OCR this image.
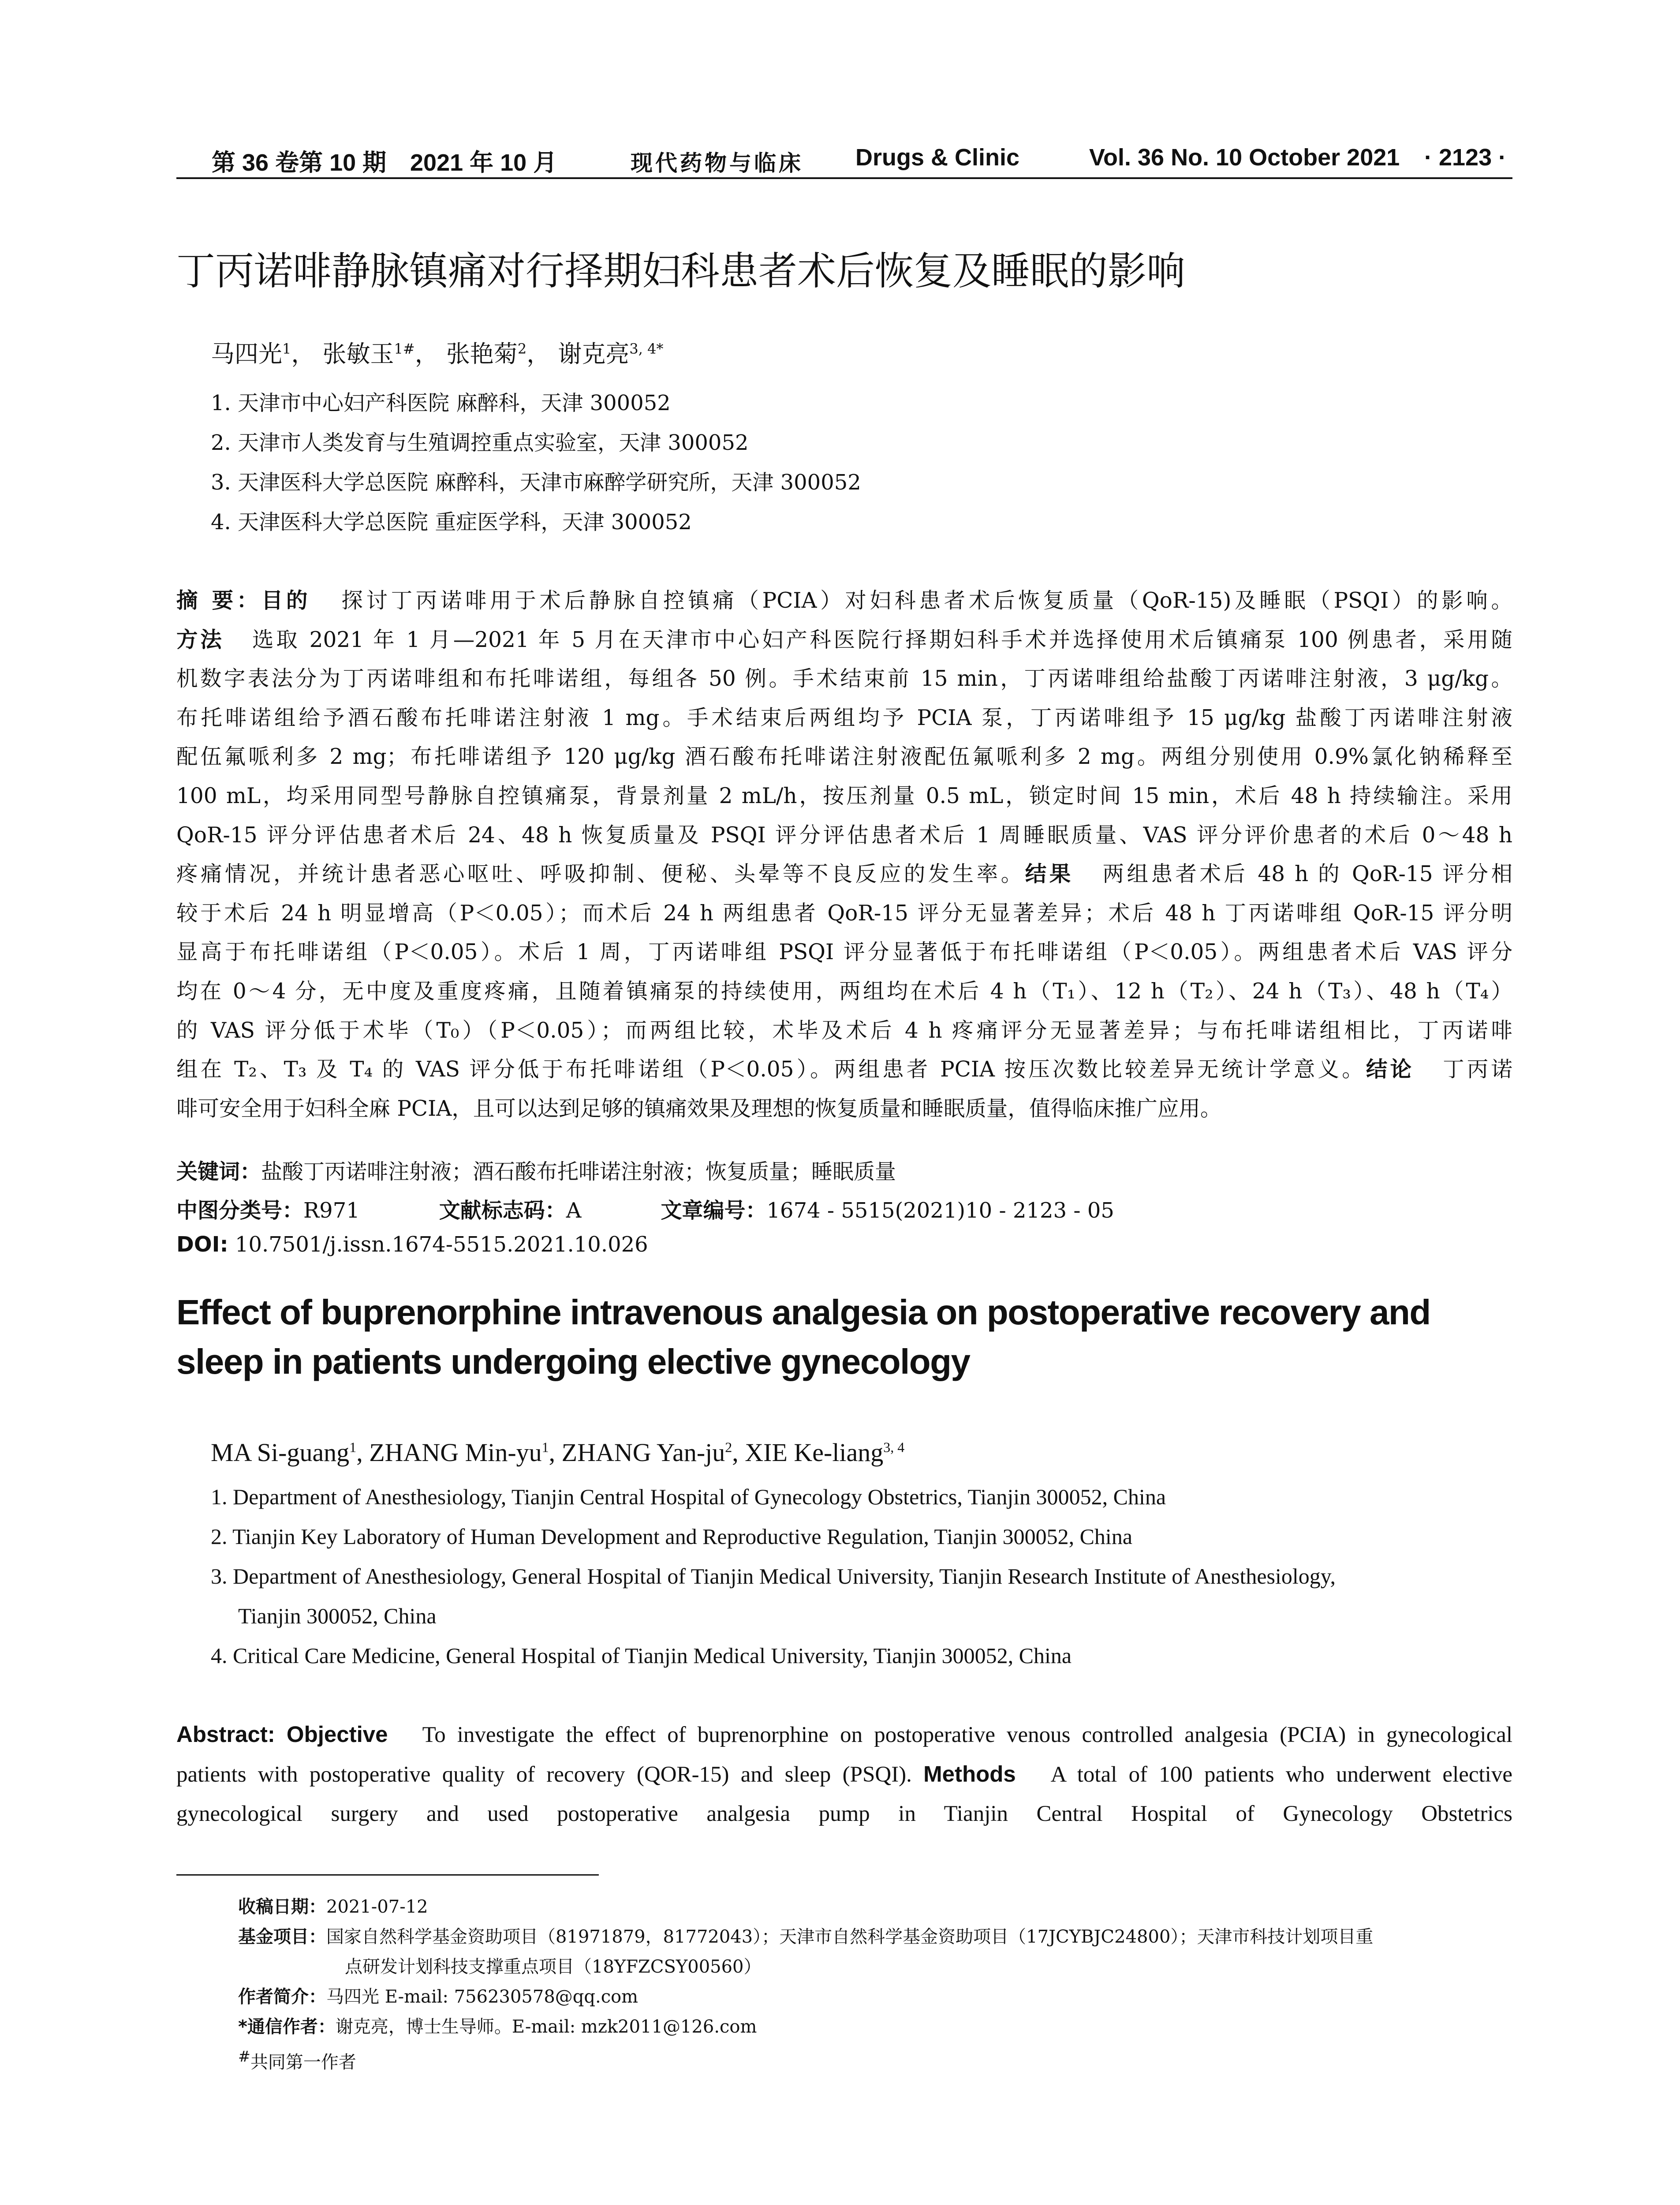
第 36 卷第 10 期 2021 年 10 月	现代药物与临床 Drugs & Clinic	Vol. 36 No. 10 October 2021 · 2123 ·
丁丙诺啡静脉镇痛对行择期妇科患者术后恢复及睡眠的影响
马四光$^1$， 张敏玉$^{1\#}$， 张艳菊$^2$， 谢克亮$^{3, 4*}$
1. 天津市中心妇产科医院 麻醉科，天津 300052
2. 天津市人类发育与生殖调控重点实验室，天津 300052
3. 天津医科大学总医院 麻醉科，天津市麻醉学研究所，天津 300052
4. 天津医科大学总医院 重症医学科，天津 300052
摘 要：目的 探讨丁丙诺啡用于术后静脉自控镇痛（PCIA）对妇科患者术后恢复质量（QoR-15)及睡眠（PSQI）的影响。
方法 选取 2021 年 1 月—2021 年 5 月在天津市中心妇产科医院行择期妇科手术并选择使用术后镇痛泵 100 例患者，采用随
机数字表法分为丁丙诺啡组和布托啡诺组，每组各 50 例。手术结束前 15 min，丁丙诺啡组给盐酸丁丙诺啡注射液，3 μg/kg。
布托啡诺组给予酒石酸布托啡诺注射液 1 mg。手术结束后两组均予 PCIA 泵，丁丙诺啡组予 15 μg/kg 盐酸丁丙诺啡注射液
配伍氟哌利多 2 mg；布托啡诺组予 120 μg/kg 酒石酸布托啡诺注射液配伍氟哌利多 2 mg。两组分别使用 0.9%氯化钠稀释至
100 mL，均采用同型号静脉自控镇痛泵，背景剂量 2 mL/h，按压剂量 0.5 mL，锁定时间 15 min，术后 48 h 持续输注。采用
QoR-15 评分评估患者术后 24、48 h 恢复质量及 PSQI 评分评估患者术后 1 周睡眠质量、VAS 评分评价患者的术后 0～48 h
疼痛情况，并统计患者恶心呕吐、呼吸抑制、便秘、头晕等不良反应的发生率。结果 两组患者术后 48 h 的 QoR-15 评分相
较于术后 24 h 明显增高（P＜0.05）；而术后 24 h 两组患者 QoR-15 评分无显著差异；术后 48 h 丁丙诺啡组 QoR-15 评分明
显高于布托啡诺组（P＜0.05）。术后 1 周，丁丙诺啡组 PSQI 评分显著低于布托啡诺组（P＜0.05）。两组患者术后 VAS 评分
均在 0～4 分，无中度及重度疼痛，且随着镇痛泵的持续使用，两组均在术后 4 h（T₁）、12 h（T₂）、24 h（T₃）、48 h（T₄）
的 VAS 评分低于术毕（T₀）（P＜0.05）；而两组比较，术毕及术后 4 h 疼痛评分无显著差异；与布托啡诺组相比，丁丙诺啡
组在 T₂、T₃ 及 T₄ 的 VAS 评分低于布托啡诺组（P＜0.05）。两组患者 PCIA 按压次数比较差异无统计学意义。结论 丁丙诺
啡可安全用于妇科全麻 PCIA，且可以达到足够的镇痛效果及理想的恢复质量和睡眠质量，值得临床推广应用。
关键词：盐酸丁丙诺啡注射液；酒石酸布托啡诺注射液；恢复质量；睡眠质量
中图分类号：R971	文献标志码：A	文章编号：1674 - 5515(2021)10 - 2123 - 05
DOI: 10.7501/j.issn.1674-5515.2021.10.026
Effect of buprenorphine intravenous analgesia on postoperative recovery and
sleep in patients undergoing elective gynecology
MA Si-guang$^1$, ZHANG Min-$yu^1$, ZHANG Yan-$ju^2$, XIE Ke-liang$^{3, 4}$
1. Department of Anesthesiology, Tianjin Central Hospital of Gynecology Obstetrics, Tianjin 300052, China
2. Tianjin Key Laboratory of Human Development and Reproductive Regulation, Tianjin 300052, China
3. Department of Anesthesiology, General Hospital of Tianjin Medical University, Tianjin Research Institute of Anesthesiology,
Tianjin 300052, China
4. Critical Care Medicine, General Hospital of Tianjin Medical University, Tianjin 300052, China
Abstract: Objective To investigate the effect of buprenorphine on postoperative venous controlled analgesia (PCIA) in gynecological
patients with postoperative quality of recovery (QOR-15) and sleep (PSQI). Methods A total of 100 patients who underwent elective
gynecological surgery and used postoperative analgesia pump in Tianjin Central Hospital of Gynecology Obstetrics
收稿日期：2021-07-12
基金项目：国家自然科学基金资助项目（81971879，81772043）；天津市自然科学基金资助项目（17JCYBJC24800）；天津市科技计划项目重
点研发计划科技支撑重点项目（18YFZCSY00560）
作者简介：马四光 E-mail: 756230578@qq.com
*通信作者：谢克亮，博士生导师。E-mail: mzk2011@126.com
#共同第一作者
